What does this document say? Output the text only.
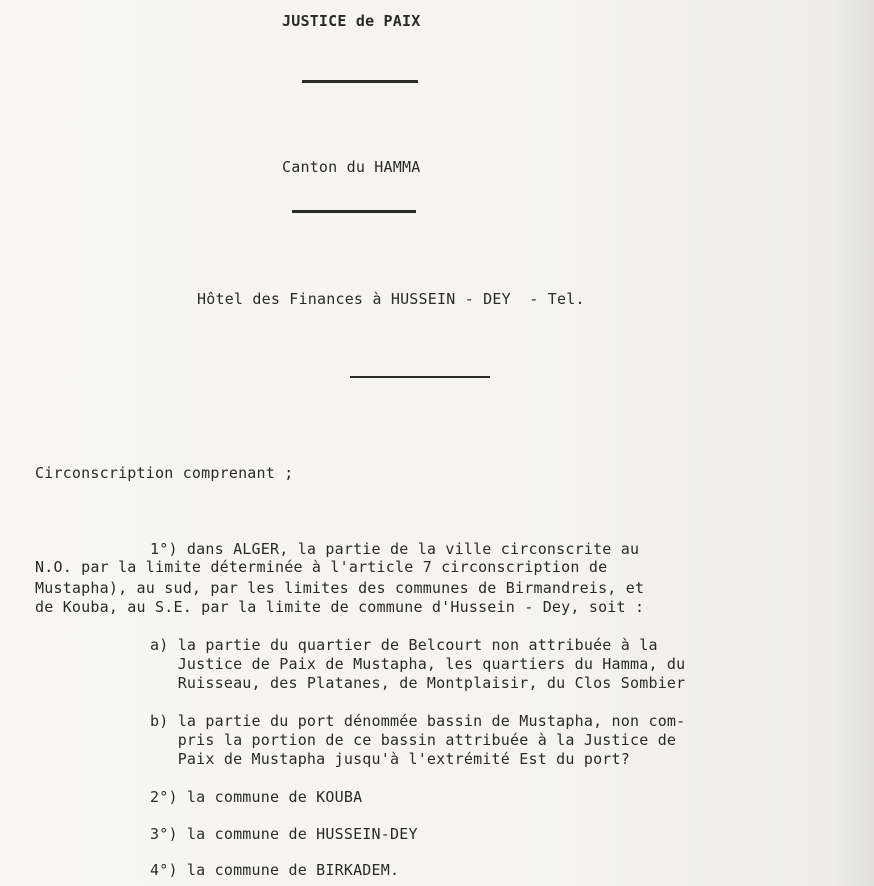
JUSTICE de PAIX
Canton du HAMMA
Hôtel des Finances à HUSSEIN - DEY  - Tel.
Circonscription comprenant ;
1°) dans ALGER, la partie de la ville circonscrite au
N.O. par la limite déterminée à l'article 7 circonscription de
Mustapha), au sud, par les limites des communes de Birmandreis, et
de Kouba, au S.E. par la limite de commune d'Hussein - Dey, soit :
a) la partie du quartier de Belcourt non attribuée à la
Justice de Paix de Mustapha, les quartiers du Hamma, du
Ruisseau, des Platanes, de Montplaisir, du Clos Sombier
b) la partie du port dénommée bassin de Mustapha, non com-
pris la portion de ce bassin attribuée à la Justice de
Paix de Mustapha jusqu'à l'extrémité Est du port?
2°) la commune de KOUBA
3°) la commune de HUSSEIN-DEY
4°) la commune de BIRKADEM.
